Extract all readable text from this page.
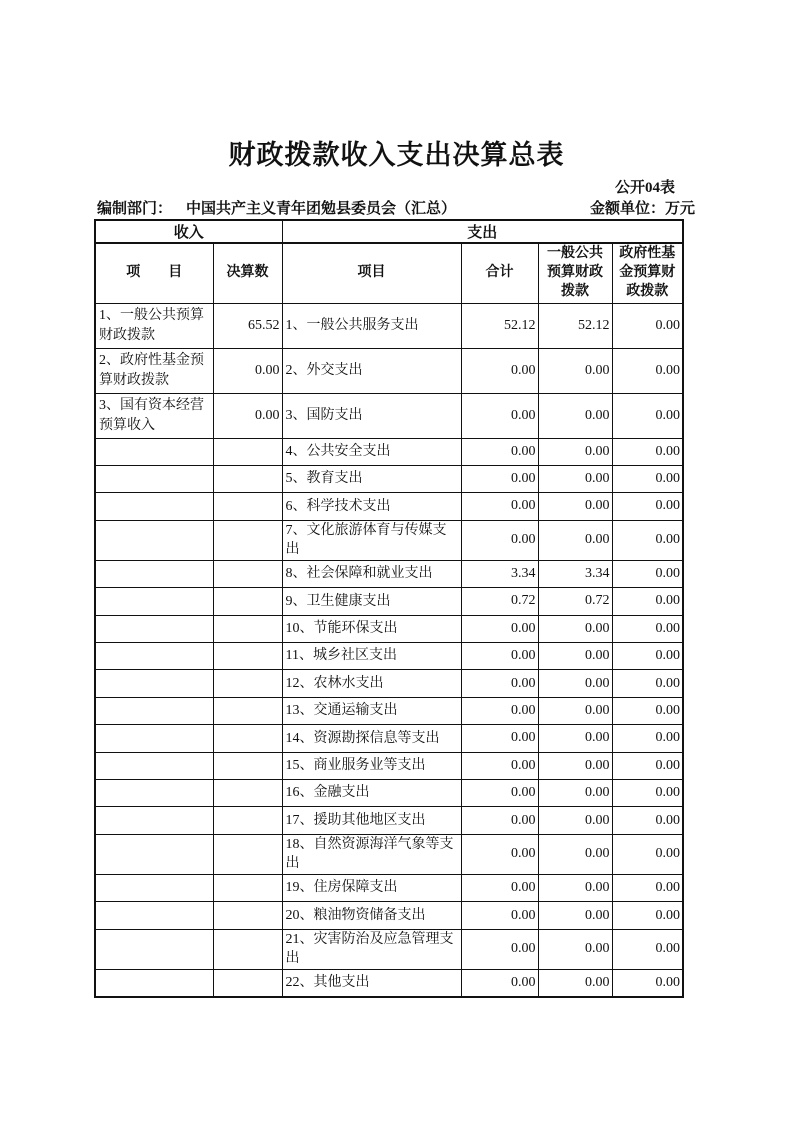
财政拨款收入支出决算总表
公开04表
编制部门： 中国共产主义青年团勉县委员会（汇总）	金额单位：万元
收入		支出			
项　　目	决算数	项目	合计	一般公共预算财政拨款	政府性基金预算财政拨款
1、一般公共预算财政拨款	65.52	1、一般公共服务支出	52.12	52.12	0.00
2、政府性基金预算财政拨款	0.00	2、外交支出	0.00	0.00	0.00
3、国有资本经营预算收入	0.00	3、国防支出	0.00	0.00	0.00
		4、公共安全支出	0.00	0.00	0.00
		5、教育支出	0.00	0.00	0.00
		6、科学技术支出	0.00	0.00	0.00
		7、文化旅游体育与传媒支出	0.00	0.00	0.00
		8、社会保障和就业支出	3.34	3.34	0.00
		9、卫生健康支出	0.72	0.72	0.00
		10、节能环保支出	0.00	0.00	0.00
		11、城乡社区支出	0.00	0.00	0.00
		12、农林水支出	0.00	0.00	0.00
		13、交通运输支出	0.00	0.00	0.00
		14、资源勘探信息等支出	0.00	0.00	0.00
		15、商业服务业等支出	0.00	0.00	0.00
		16、金融支出	0.00	0.00	0.00
		17、援助其他地区支出	0.00	0.00	0.00
		18、自然资源海洋气象等支出	0.00	0.00	0.00
		19、住房保障支出	0.00	0.00	0.00
		20、粮油物资储备支出	0.00	0.00	0.00
		21、灾害防治及应急管理支出	0.00	0.00	0.00
		22、其他支出	0.00	0.00	0.00
